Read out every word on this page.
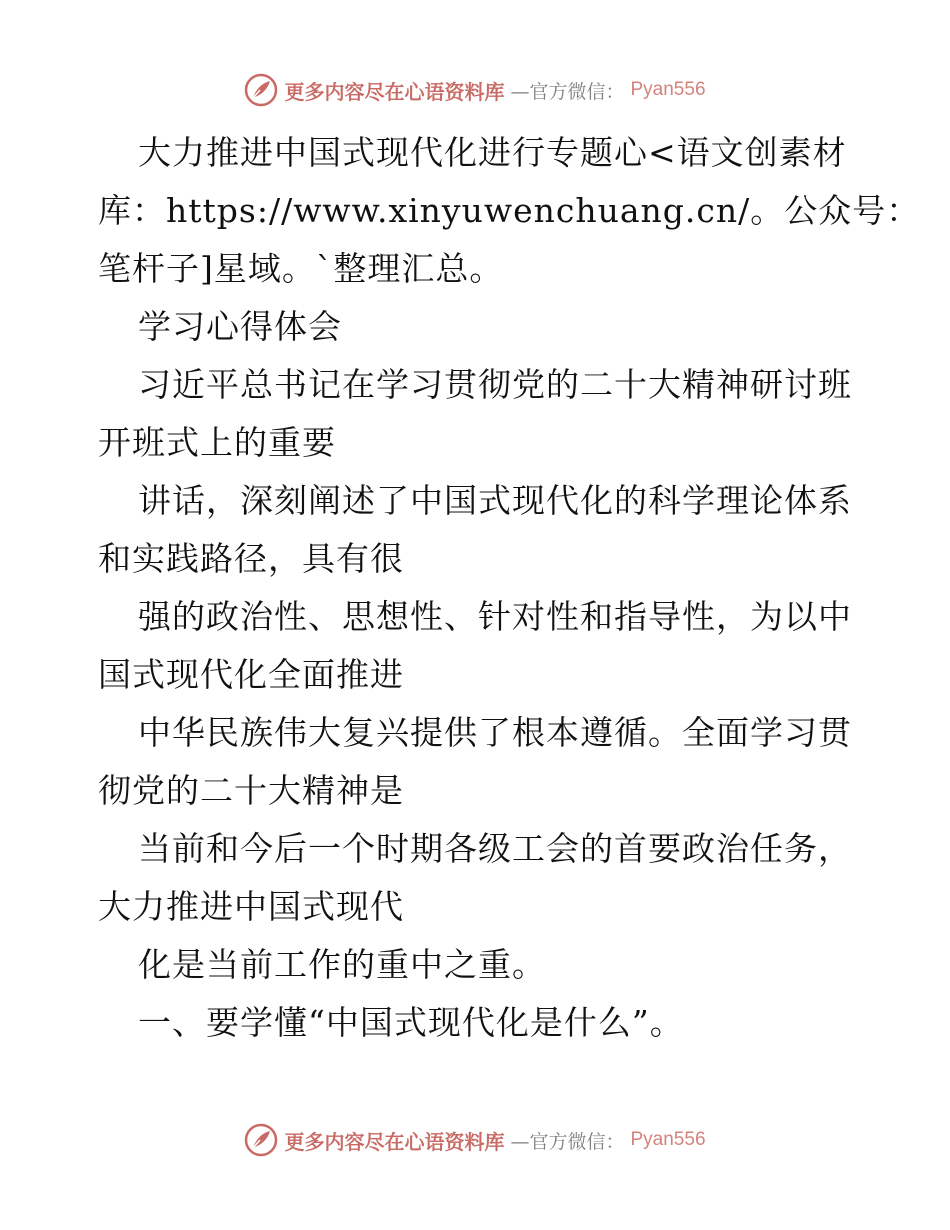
更多内容尽在心语资料库 —官方微信： Pyan556
大力推进中国式现代化进行专题心<语文创素材
库：https://www.xinyuwenchuang.cn/。公众号：
笔杆子]星域。`整理汇总。
学习心得体会
习近平总书记在学习贯彻党的二十大精神研讨班
开班式上的重要
讲话，深刻阐述了中国式现代化的科学理论体系
和实践路径，具有很
强的政治性、思想性、针对性和指导性，为以中
国式现代化全面推进
中华民族伟大复兴提供了根本遵循。全面学习贯
彻党的二十大精神是
当前和今后一个时期各级工会的首要政治任务，
大力推进中国式现代
化是当前工作的重中之重。
一、要学懂“中国式现代化是什么”。
更多内容尽在心语资料库 —官方微信： Pyan556
